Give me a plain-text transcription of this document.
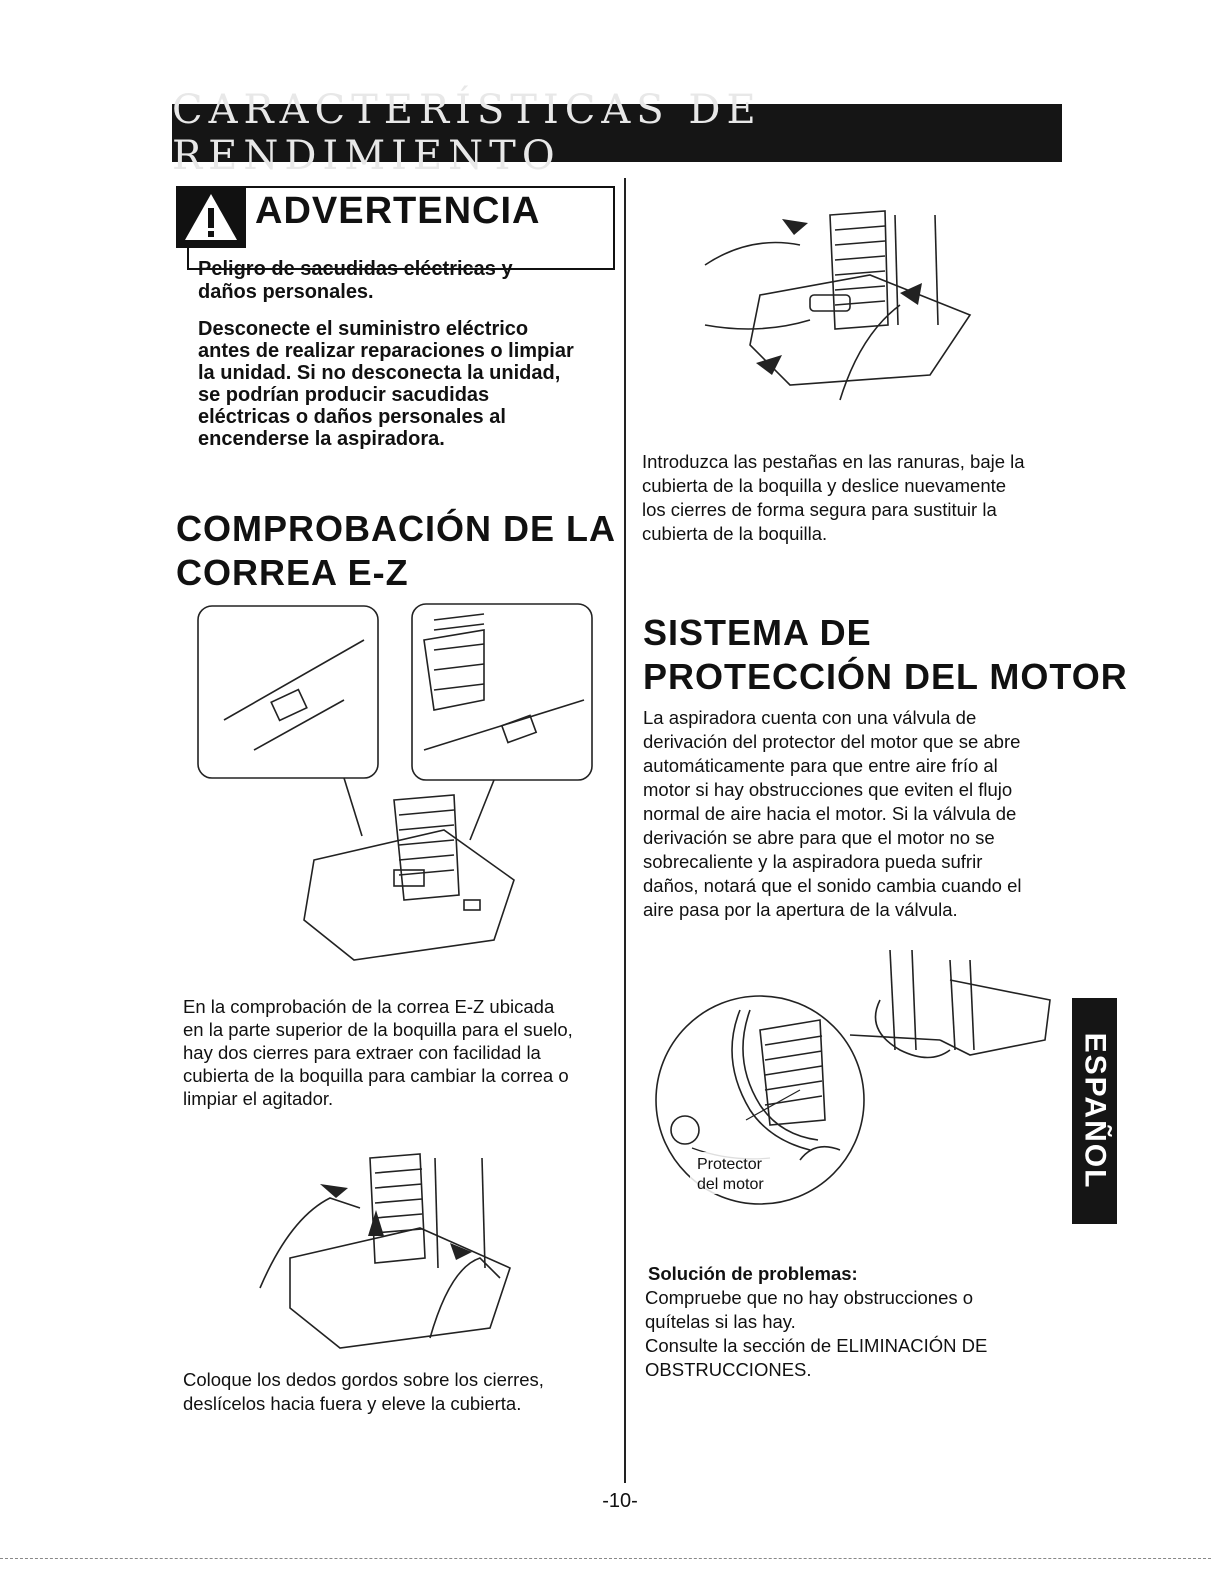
CARACTERÍSTICAS DE RENDIMIENTO
ADVERTENCIA
Peligro de sacudidas eléctricas y
daños personales.
Desconecte el suministro eléctrico
antes de realizar reparaciones o limpiar
la unidad. Si no desconecta la unidad,
se podrían producir sacudidas
eléctricas o daños personales al
encenderse la aspiradora.
COMPROBACIÓN DE LA
CORREA E-Z
En la comprobación de la correa E-Z ubicada
en la parte superior de la boquilla para el suelo,
hay dos cierres para extraer con facilidad la
cubierta de la boquilla para cambiar la correa o
limpiar el agitador.
Coloque los dedos gordos sobre los cierres,
deslícelos hacia fuera y eleve la cubierta.
Introduzca las pestañas en las ranuras, baje la
cubierta de la boquilla y deslice nuevamente
los cierres de forma segura para sustituir la
cubierta de la boquilla.
SISTEMA DE
PROTECCIÓN DEL MOTOR
La aspiradora cuenta con una válvula de
derivación del protector del motor que se abre
automáticamente para que entre aire frío al
motor si hay obstrucciones que eviten el flujo
normal de aire hacia el motor. Si la válvula de
derivación se abre para que el motor no se
sobrecaliente y la aspiradora pueda sufrir
daños, notará que el sonido cambia cuando el
aire pasa por la apertura de la válvula.
Protector
del motor
Solución de problemas:
Compruebe que no hay obstrucciones o
quítelas si las hay.
Consulte la sección de ELIMINACIÓN DE
OBSTRUCCIONES.
ESPAÑOL
-10-
